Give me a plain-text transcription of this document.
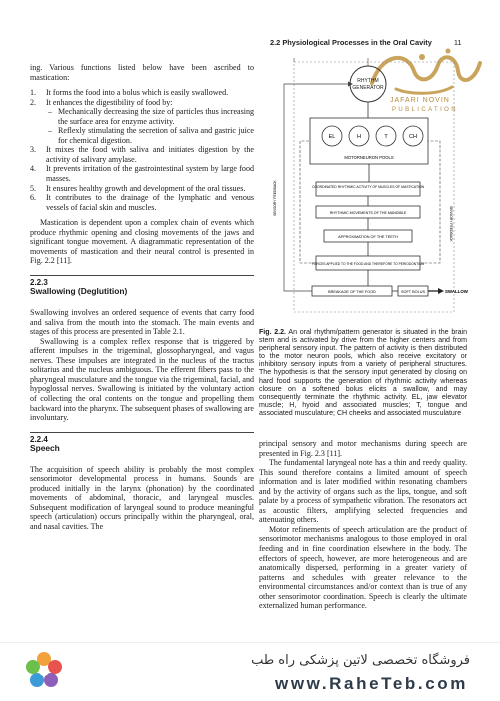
2.2 Physiological Processes in the Oral Cavity	11
JAFARI NOVIN
PUBLICATION

ing. Various functions listed below have been ascribed to mastication:

1. It forms the food into a bolus which is easily swallowed.
2. It enhances the digestibility of food by:
– Mechanically decreasing the size of particles thus increasing the surface area for enzyme activity.
– Reflexly stimulating the secretion of saliva and gastric juice for chemical digestion.
3. It mixes the food with saliva and initiates digestion by the activity of salivary amylase.
4. It prevents irritation of the gastrointestinal system by large food masses.
5. It ensures healthy growth and development of the oral tissues.
6. It contributes to the drainage of the lymphatic and venous vessels of facial skin and muscles.

Mastication is dependent upon a complex chain of events which produce rhythmic opening and closing movements of the jaws and significant tongue movement. A diagrammatic representation of the movements of mastication and their neural control is presented in Fig. 2.2 [11].

2.2.3
Swallowing (Deglutition)

Swallowing involves an ordered sequence of events that carry food and saliva from the mouth into the stomach. The main events and stages of this process are presented in Table 2.1.

Swallowing is a complex reflex response that is triggered by afferent impulses in the trigeminal, glossopharyngeal, and vagus nerves. These impulses are integrated in the nucleus of the tractus solitarius and the nucleus ambiguous. The efferent fibers pass to the pharyngeal musculature and the tongue via the trigeminal, facial, and hypoglossal nerves. Swallowing is initiated by the voluntary action of collecting the oral contents on the tongue and propelling them backward into the pharynx. The subsequent phases of swallowing are involuntary.

2.2.4
Speech

The acquisition of speech ability is probably the most complex sensorimotor developmental process in humans. Sounds are produced initially in the larynx (phonation) by the coordinated movements of abdominal, thoracic, and laryngeal muscles. Subsequent modification of laryngeal sound to produce meaningful speech (articulation) occurs principally within the pharyngeal, oral, and nasal cavities. The

RHYTHM
GENERATOR
EL	H	T	CH
MOTORNEURON POOLS
COORDINATED RHYTHMIC ACTIVITY OF MUSCLES OF MASTICATION
RHYTHMIC MOVEMENTS OF THE MANDIBLE
APPROXIMATION OF THE TEETH
FORCES APPLIED TO THE FOOD AND THEREFORE TO PERIODONTIUM
BREAKAGE OF THE FOOD	SOFT BOLUS	SWALLOW
SENSORY FEEDBACK
SENSORY FEEDBACK
Fig. 2.2. An oral rhythm/pattern generator is situated in the brain stem and is activated by drive from the higher centers and from peripheral sensory input. The pattern of activity is then distributed to the motor neuron pools, which also receive excitatory or inhibitory sensory inputs from a variety of peripheral structures. The hypothesis is that the sensory input generated by closing on hard food supports the generation of rhythmic activity whereas closure on a softened bolus elicits a swallow, and may consequently terminate the rhythmic activity. EL, jaw elevator muscle; H, hyoid and associated muscles; T, tongue and associated musculature; CH cheeks and associated musculature

principal sensory and motor mechanisms during speech are presented in Fig. 2.3 [11].

The fundamental laryngeal note has a thin and reedy quality. This sound therefore contains a limited amount of speech information and is later modified within resonating chambers and by the activity of organs such as the lips, tongue, and soft palate by a process of sympathetic vibration. The resonators act as acoustic filters, amplifying selected frequencies and attenuating others.

Motor refinements of speech articulation are the product of sensorimotor mechanisms analogous to those employed in oral feeding and in fine coordination elsewhere in the body. The effectors of speech, however, are more heterogeneous and are anatomically dispersed, performing in a greater variety of patterns and schedules with greater relevance to the environmental circumstances and/or context than is true of any other sensorimotor coordination. Speech is clearly the ultimate externalized human performance.

فروشگاه تخصصی لاتین پزشکی راه طب
www.RaheTeb.com
